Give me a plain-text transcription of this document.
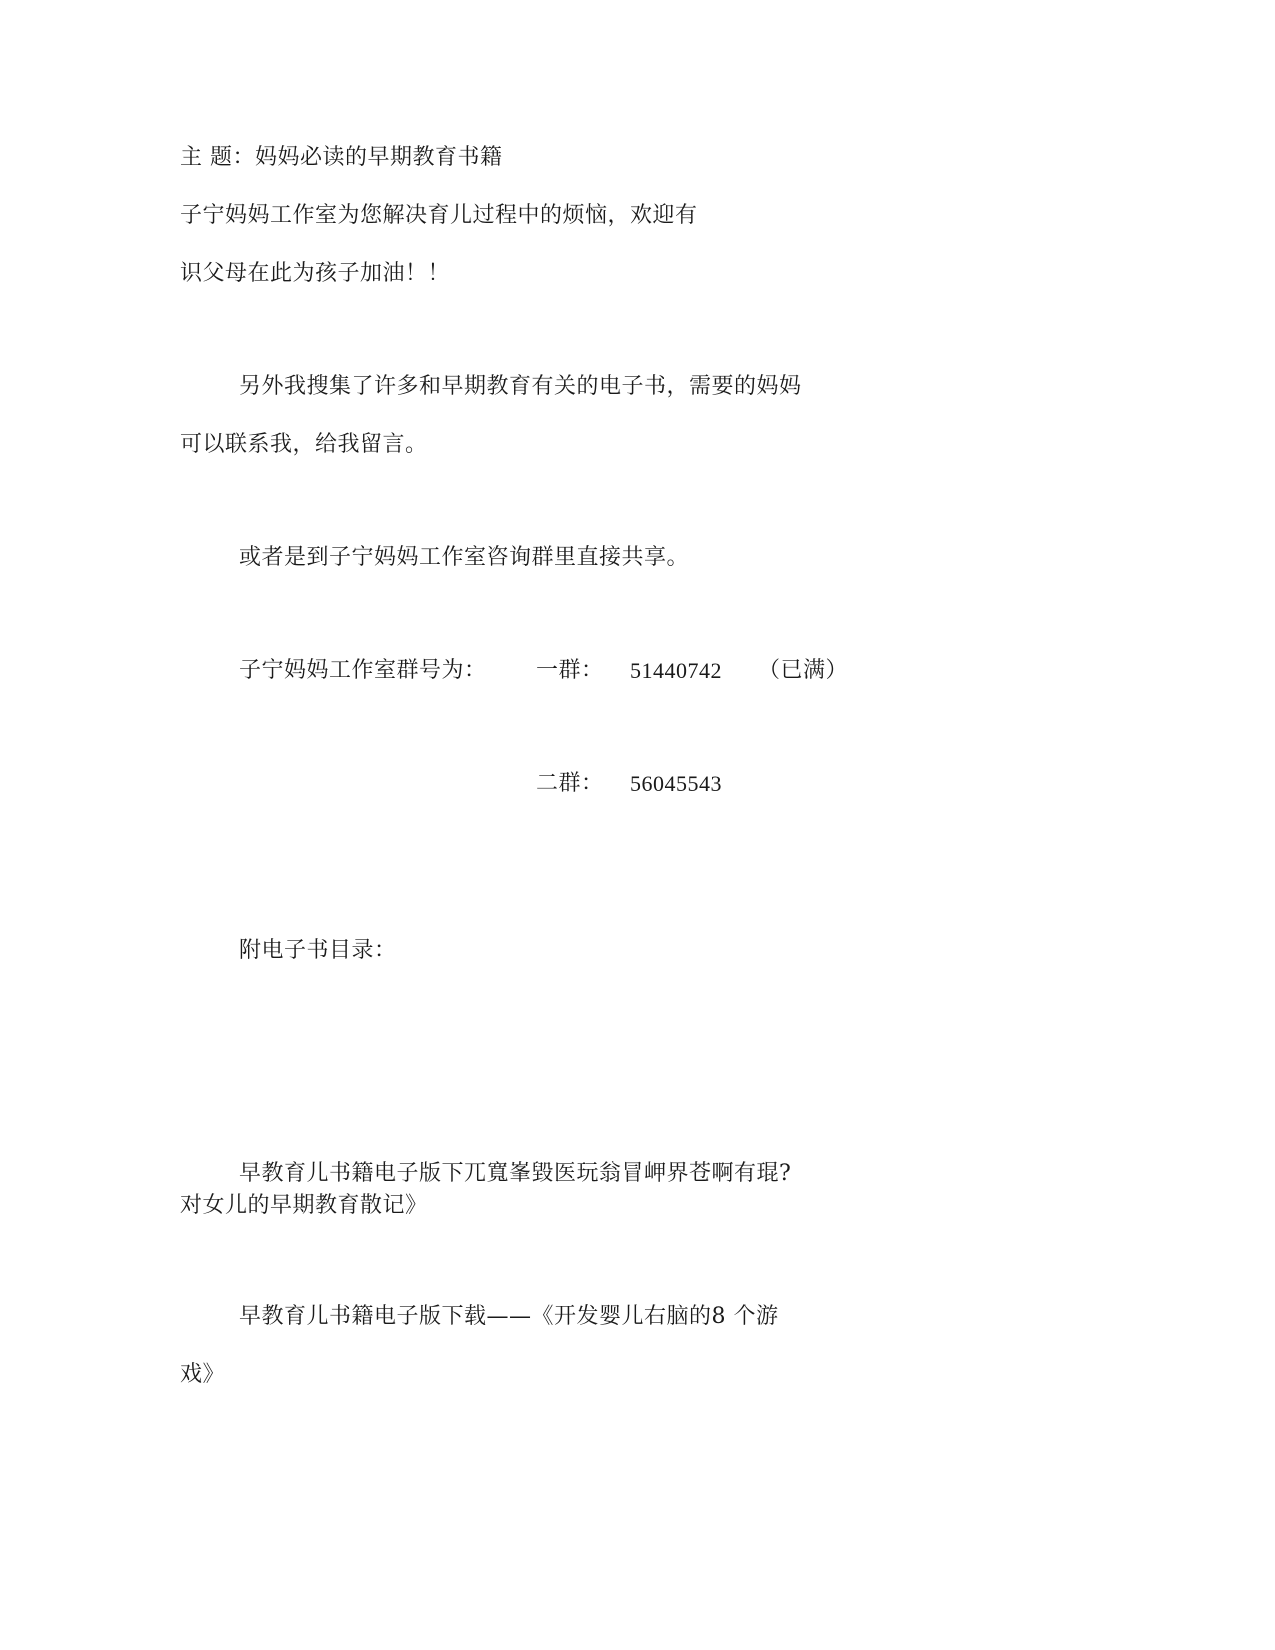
主 题：妈妈必读的早期教育书籍
子宁妈妈工作室为您解决育儿过程中的烦恼，欢迎有
识父母在此为孩子加油！！
另外我搜集了许多和早期教育有关的电子书，需要的妈妈
可以联系我，给我留言。
或者是到子宁妈妈工作室咨询群里直接共享。
子宁妈妈工作室群号为： 一群： 51440742 （已满）
二群： 56045543
附电子书目录：
早教育儿书籍电子版下兀寬峯毀医玩翁冒岬界苍啊有琨?
对女儿的早期教育散记》
早教育儿书籍电子版下载——《开发婴儿右脑的8 个游
戏》
